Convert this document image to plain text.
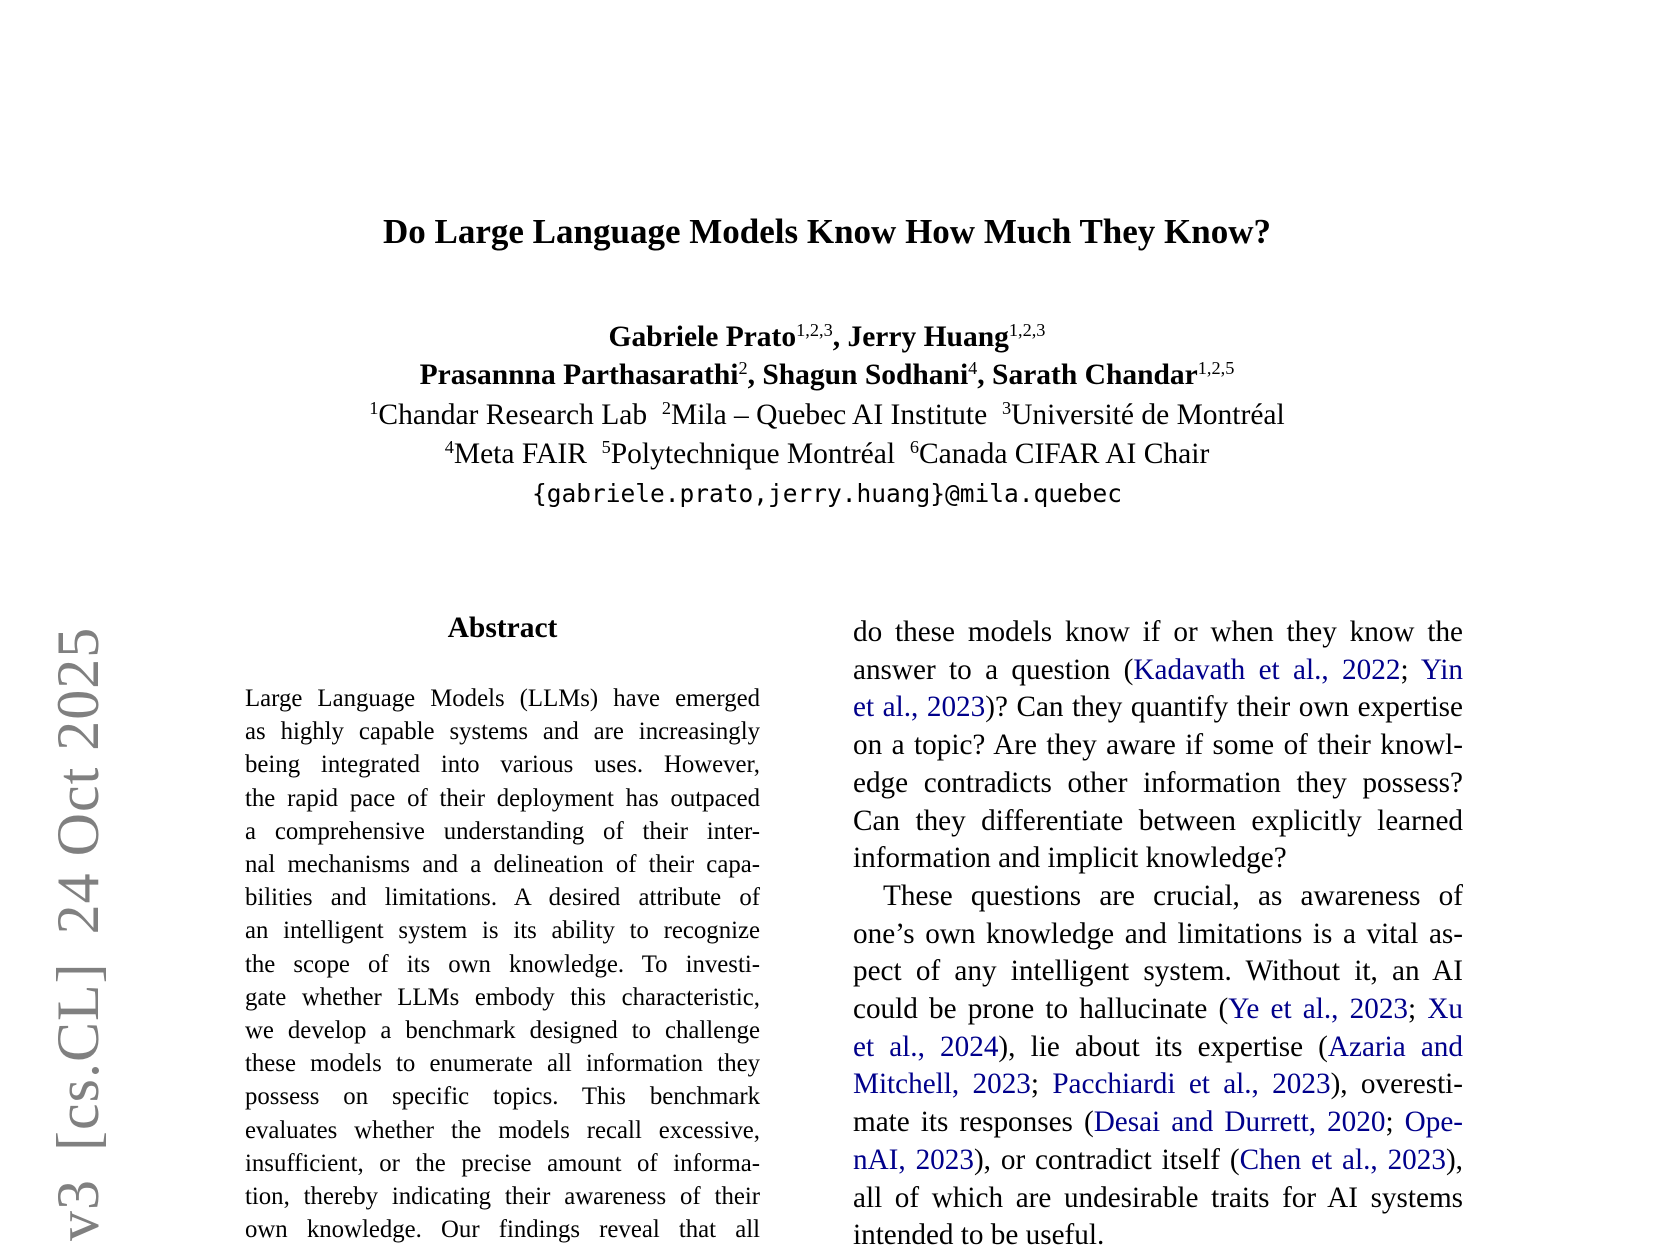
v3[cs.CL]24 Oct 2025
Do Large Language Models Know How Much They Know?
Gabriele Prato$^{1,2,3}$, Jerry Huang$^{1,2,3}$
Prasannna Parthasarathi$^2$, Shagun Sodhani$^4$, Sarath Chandar$^{1,2,5}$
$^1$Chandar Research Lab $^2$Mila – Quebec AI Institute $^3$Université de Montréal
$^4$Meta FAIR $^5$Polytechnique Montréal $^6$Canada CIFAR AI Chair
{gabriele.prato,jerry.huang}@mila.quebec
Abstract
Large Language Models (LLMs) have emerged
as highly capable systems and are increasingly
being integrated into various uses. However,
the rapid pace of their deployment has outpaced
a comprehensive understanding of their inter-
nal mechanisms and a delineation of their capa-
bilities and limitations. A desired attribute of
an intelligent system is its ability to recognize
the scope of its own knowledge. To investi-
gate whether LLMs embody this characteristic,
we develop a benchmark designed to challenge
these models to enumerate all information they
possess on specific topics. This benchmark
evaluates whether the models recall excessive,
insufficient, or the precise amount of informa-
tion, thereby indicating their awareness of their
own knowledge. Our findings reveal that all
do these models know if or when they know the
answer to a question (Kadavath et al., 2022; Yin
et al., 2023)? Can they quantify their own expertise
on a topic? Are they aware if some of their knowl-
edge contradicts other information they possess?
Can they differentiate between explicitly learned
information and implicit knowledge?
These questions are crucial, as awareness of
one’s own knowledge and limitations is a vital as-
pect of any intelligent system. Without it, an AI
could be prone to hallucinate (Ye et al., 2023; Xu
et al., 2024), lie about its expertise (Azaria and
Mitchell, 2023; Pacchiardi et al., 2023), overesti-
mate its responses (Desai and Durrett, 2020; Ope-
nAI, 2023), or contradict itself (Chen et al., 2023),
all of which are undesirable traits for AI systems
intended to be useful.
